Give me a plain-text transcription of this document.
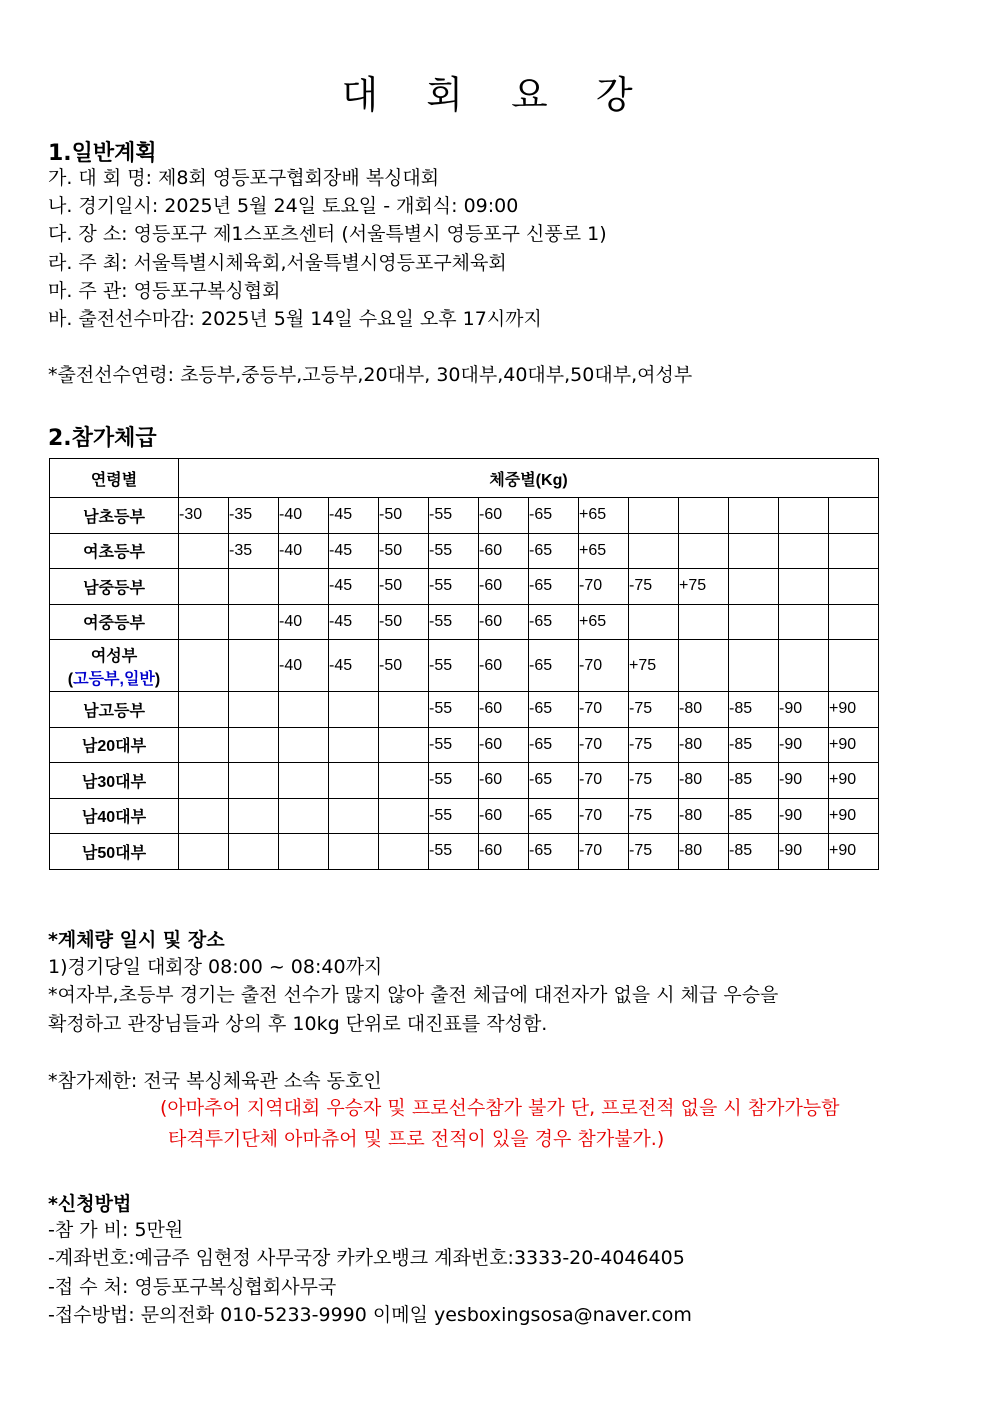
대 회 요 강
1.일반계획
가. 대 회 명: 제8회 영등포구협회장배 복싱대회
나. 경기일시: 2025년 5월 24일 토요일 - 개회식: 09:00
다. 장 소: 영등포구 제1스포츠센터 (서울특별시 영등포구 신풍로 1)
라. 주 최: 서울특별시체육회,서울특별시영등포구체육회
마. 주 관: 영등포구복싱협회
바. 출전선수마감: 2025년 5월 14일 수요일 오후 17시까지
*출전선수연령: 초등부,중등부,고등부,20대부, 30대부,40대부,50대부,여성부
2.참가체급
연령별	체중별(Kg)													
남초등부	-30	-35	-40	-45	-50	-55	-60	-65	+65					
여초등부		-35	-40	-45	-50	-55	-60	-65	+65					
남중등부				-45	-50	-55	-60	-65	-70	-75	+75			
여중등부			-40	-45	-50	-55	-60	-65	+65					
여성부
(고등부,일반)			-40	-45	-50	-55	-60	-65	-70	+75				
남고등부						-55	-60	-65	-70	-75	-80	-85	-90	+90
남20대부						-55	-60	-65	-70	-75	-80	-85	-90	+90
남30대부						-55	-60	-65	-70	-75	-80	-85	-90	+90
남40대부						-55	-60	-65	-70	-75	-80	-85	-90	+90
남50대부						-55	-60	-65	-70	-75	-80	-85	-90	+90
*계체량 일시 및 장소
1)경기당일 대회장 08:00 ~ 08:40까지
*여자부,초등부 경기는 출전 선수가 많지 않아 출전 체급에 대전자가 없을 시 체급 우승을
확정하고 관장님들과 상의 후 10kg 단위로 대진표를 작성함.
*참가제한: 전국 복싱체육관 소속 동호인
(아마추어 지역대회 우승자 및 프로선수참가 불가 단, 프로전적 없을 시 참가가능함
타격투기단체 아마츄어 및 프로 전적이 있을 경우 참가불가.)
*신청방법
-참 가 비: 5만원
-계좌번호:예금주 임현정 사무국장 카카오뱅크 계좌번호:3333-20-4046405
-접 수 처: 영등포구복싱협회사무국
-접수방법: 문의전화 010-5233-9990 이메일 yesboxingsosa@naver.com
